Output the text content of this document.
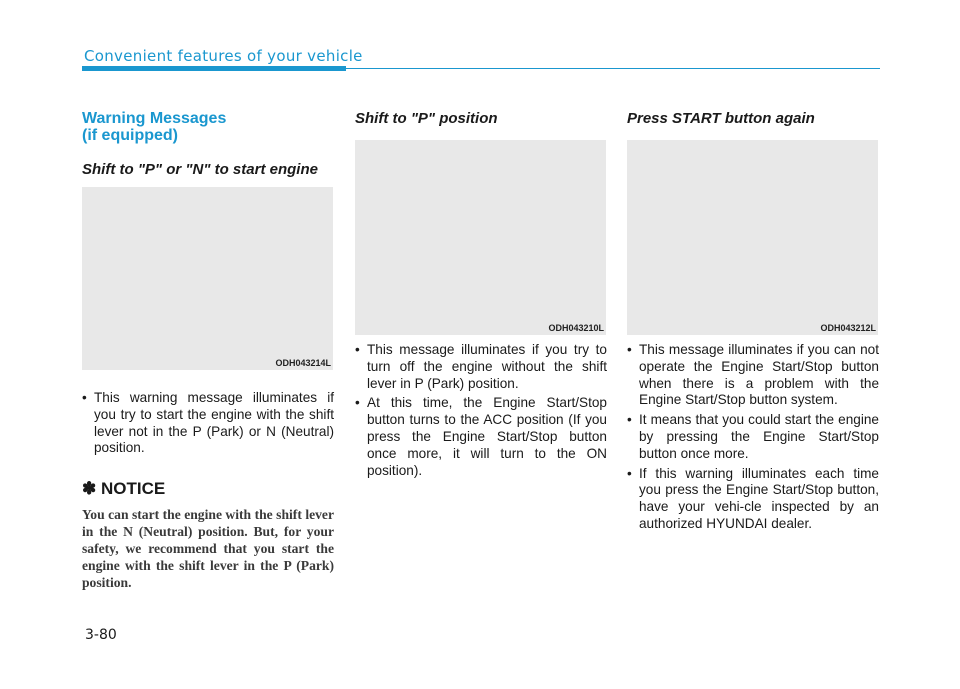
Convenient features of your vehicle
Warning Messages
(if equipped)

Shift to "P" or "N" to start engine

ODH043214L
• This warning message illuminates if you try to start the engine with the shift lever not in the P (Park) or N (Neutral) position.

✽ NOTICE

You can start the engine with the shift lever in the N (Neutral) position. But, for your safety, we recommend that you start the engine with the shift lever in the P (Park) position.

Shift to "P" position

ODH043210L
• This message illuminates if you try to turn off the engine without the shift lever in P (Park) position.
• At this time, the Engine Start/Stop button turns to the ACC position (If you press the Engine Start/Stop button once more, it will turn to the ON position).

Press START button again

ODH043212L
• This message illuminates if you can not operate the Engine Start/Stop button when there is a problem with the Engine Start/Stop button system.
• It means that you could start the engine by pressing the Engine Start/Stop button once more.
• If this warning illuminates each time you press the Engine Start/Stop button, have your vehi-cle inspected by an authorized HYUNDAI dealer.
3-80
